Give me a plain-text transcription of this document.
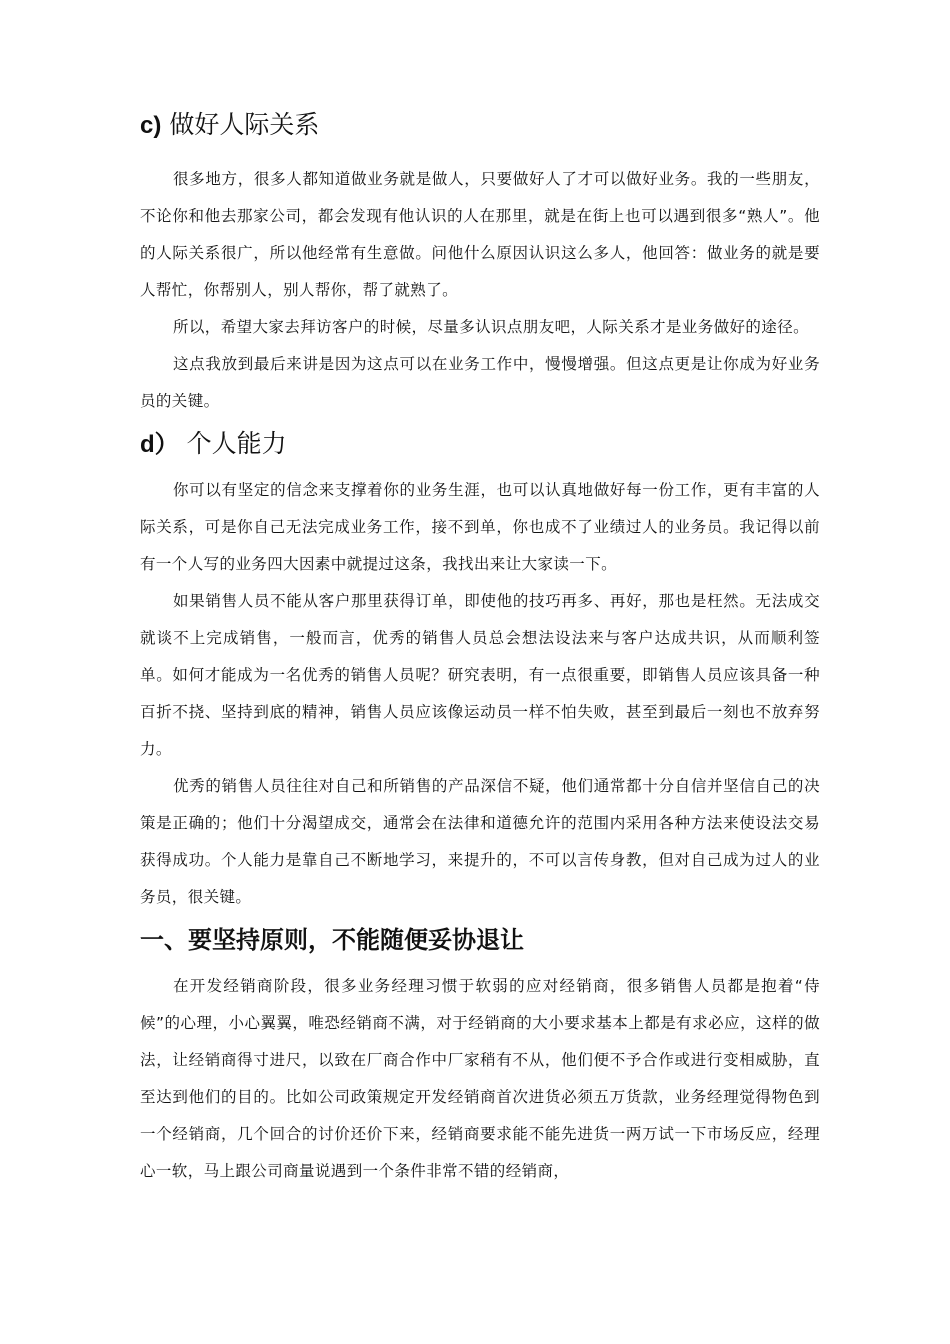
c) 做好人际关系

很多地方，很多人都知道做业务就是做人，只要做好人了才可以做好业务。我的一些朋友，不论你和他去那家公司，都会发现有他认识的人在那里，就是在街上也可以遇到很多“熟人”。他的人际关系很广，所以他经常有生意做。问他什么原因认识这么多人，他回答：做业务的就是要人帮忙，你帮别人，别人帮你，帮了就熟了。

所以，希望大家去拜访客户的时候，尽量多认识点朋友吧，人际关系才是业务做好的途径。

这点我放到最后来讲是因为这点可以在业务工作中，慢慢增强。但这点更是让你成为好业务员的关键。

d） 个人能力

你可以有坚定的信念来支撑着你的业务生涯，也可以认真地做好每一份工作，更有丰富的人际关系，可是你自己无法完成业务工作，接不到单，你也成不了业绩过人的业务员。我记得以前有一个人写的业务四大因素中就提过这条，我找出来让大家读一下。

如果销售人员不能从客户那里获得订单，即使他的技巧再多、再好，那也是枉然。无法成交就谈不上完成销售，一般而言，优秀的销售人员总会想法设法来与客户达成共识，从而顺利签单。如何才能成为一名优秀的销售人员呢？研究表明，有一点很重要，即销售人员应该具备一种百折不挠、坚持到底的精神，销售人员应该像运动员一样不怕失败，甚至到最后一刻也不放弃努力。

优秀的销售人员往往对自己和所销售的产品深信不疑，他们通常都十分自信并坚信自己的决策是正确的；他们十分渴望成交，通常会在法律和道德允许的范围内采用各种方法来使设法交易获得成功。个人能力是靠自己不断地学习，来提升的，不可以言传身教，但对自己成为过人的业务员，很关键。

一、要坚持原则，不能随便妥协退让

在开发经销商阶段，很多业务经理习惯于软弱的应对经销商，很多销售人员都是抱着“侍候”的心理，小心翼翼，唯恐经销商不满，对于经销商的大小要求基本上都是有求必应，这样的做法，让经销商得寸进尺，以致在厂商合作中厂家稍有不从，他们便不予合作或进行变相威胁，直至达到他们的目的。比如公司政策规定开发经销商首次进货必须五万货款，业务经理觉得物色到一个经销商，几个回合的讨价还价下来，经销商要求能不能先进货一两万试一下市场反应，经理心一软，马上跟公司商量说遇到一个条件非常不错的经销商，
